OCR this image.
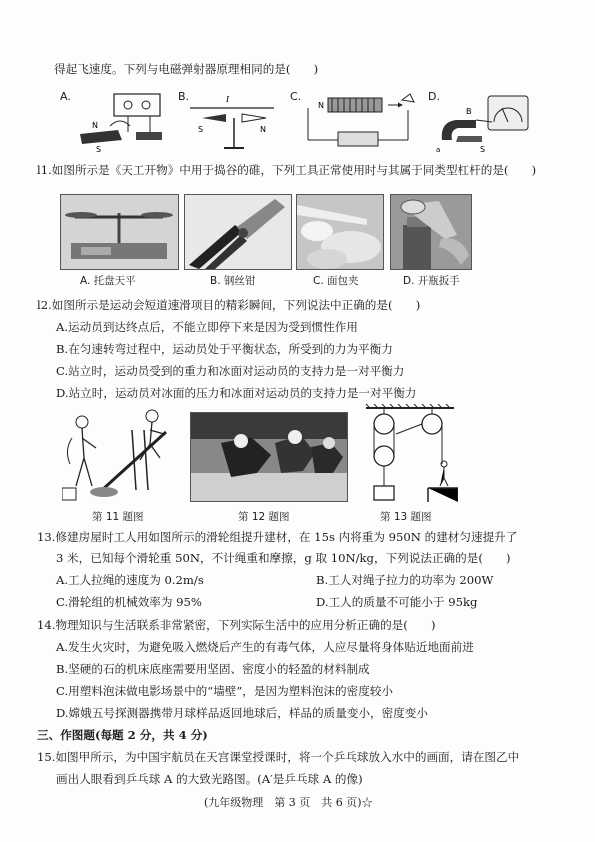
得起飞速度。下列与电磁弹射器原理相同的是(　　)
A.
N
S
B.	I
S	N
C.
N
D.
B
S
a
l1.如图所示是《天工开物》中用于捣谷的碓，下列工具正常使用时与其属于同类型杠杆的是(　　)
A. 托盘天平	B. 钢丝钳	C. 面包夹	D. 开瓶扳手
l2.如图所示是运动会短道速滑项目的精彩瞬间，下列说法中正确的是(　　)
A.运动员到达终点后，不能立即停下来是因为受到惯性作用
B.在匀速转弯过程中，运动员处于平衡状态，所受到的力为平衡力
C.站立时，运动员受到的重力和冰面对运动员的支持力是一对平衡力
D.站立时，运动员对冰面的压力和冰面对运动员的支持力是一对平衡力
第 11 题图	第 12 题图	第 13 题图
13.修建房屋时工人用如图所示的滑轮组提升建材，在 15s 内将重为 950N 的建材匀速提升了
3 米，已知每个滑轮重 50N，不计绳重和摩擦，g 取 10N/kg，下列说法正确的是(　　)
A.工人拉绳的速度为 0.2m/s	B.工人对绳子拉力的功率为 200W
C.滑轮组的机械效率为 95%	D.工人的质量不可能小于 95kg
14.物理知识与生活联系非常紧密，下列实际生活中的应用分析正确的是(　　)
A.发生火灾时，为避免吸入燃烧后产生的有毒气体，人应尽量将身体贴近地面前进
B.坚硬的石的机床底座需要用坚固、密度小的轻盈的材料制成
C.用塑料泡沫做电影场景中的“墙壁”，是因为塑料泡沫的密度较小
D.嫦娥五号探测器携带月球样品返回地球后，样品的质量变小，密度变小
三、作图题(每题 2 分，共 4 分)
15.如图甲所示，为中国宇航员在天宫课堂授课时，将一个乒乓球放入水中的画面，请在图乙中
画出人眼看到乒乓球 A 的大致光路图。(A′是乒乓球 A 的像)
(九年级物理　第 3 页　共 6 页)☆
